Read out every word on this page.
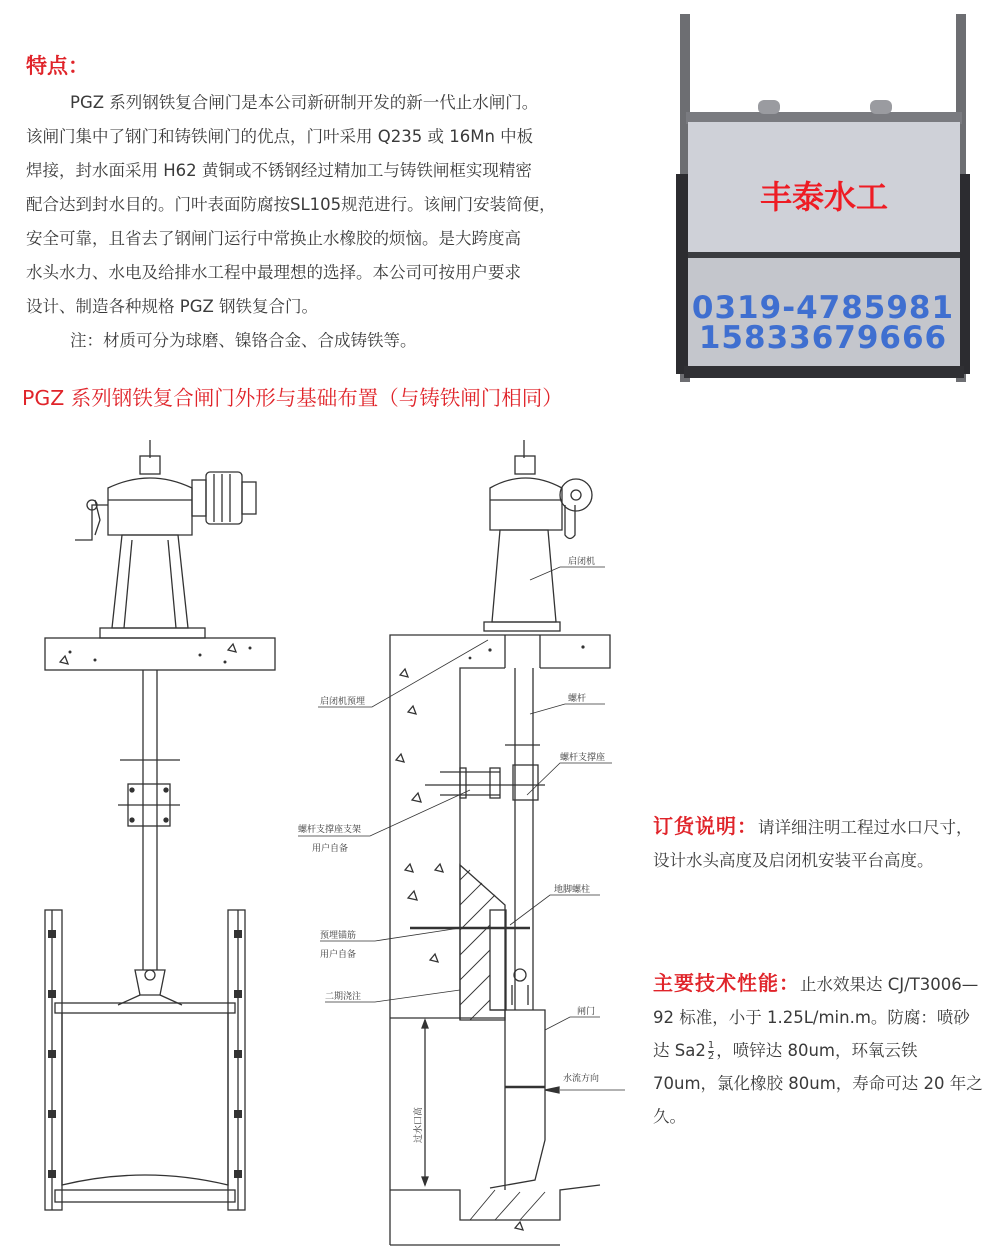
特点：

PGZ 系列钢铁复合闸门是本公司新研制开发的新一代止水闸门。

该闸门集中了钢门和铸铁闸门的优点，门叶采用 Q235 或 16Mn 中板

焊接，封水面采用 H62 黄铜或不锈钢经过精加工与铸铁闸框实现精密

配合达到封水目的。门叶表面防腐按SL105规范进行。该闸门安装简便，

安全可靠，且省去了钢闸门运行中常换止水橡胶的烦恼。是大跨度高

水头水力、水电及给排水工程中最理想的选择。本公司可按用户要求

设计、制造各种规格 PGZ 钢铁复合门。

注：材质可分为球磨、镍铬合金、合成铸铁等。

丰泰水工
0319-4785981
15833679666
PGZ 系列钢铁复合闸门外形与基础布置（与铸铁闸门相同）
过水口高
启闭机
启闭机预埋	螺杆
螺杆支撑座
螺杆支撑座支架
用户自备
地脚螺柱
预埋锚筋
用户自备
二期浇注
闸门
水流方向
订货说明：请详细注明工程过水口尺寸，设计水头高度及启闭机安装平台高度。
主要技术性能：止水效果达 CJ/T3006—92 标准，小于 1.25L/min.m。防腐：喷砂达 $Sa2 \frac{1}{2}$ ，喷锌达 80um，环氧云铁 70um，氯化橡胶 80um，寿命可达 20 年之久。
